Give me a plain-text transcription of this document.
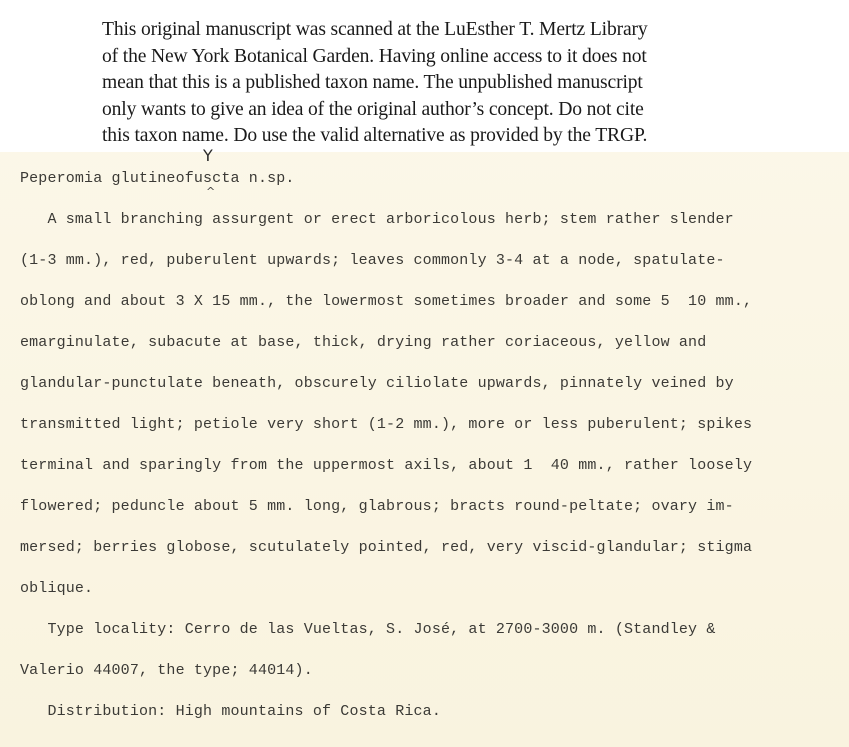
This original manuscript was scanned at the LuEsther T. Mertz Library
of the New York Botanical Garden. Having online access to it does not
mean that this is a published taxon name. The unpublished manuscript
only wants to give an idea of the original author’s concept. Do not cite
this taxon name. Do use the valid alternative as provided by the TRGP.

Y
Peperomia glutineofuscta n.sp.
^
A small branching assurgent or erect arboricolous herb; stem rather slender
(1-3 mm.), red, puberulent upwards; leaves commonly 3-4 at a node, spatulate-
oblong and about 3 X 15 mm., the lowermost sometimes broader and some 5  10 mm.,
emarginulate, subacute at base, thick, drying rather coriaceous, yellow and
glandular-punctulate beneath, obscurely ciliolate upwards, pinnately veined by
transmitted light; petiole very short (1-2 mm.), more or less puberulent; spikes
terminal and sparingly from the uppermost axils, about 1  40 mm., rather loosely
flowered; peduncle about 5 mm. long, glabrous; bracts round-peltate; ovary im-
mersed; berries globose, scutulately pointed, red, very viscid-glandular; stigma
oblique.
Type locality: Cerro de las Vueltas, S. José, at 2700-3000 m. (Standley &
Valerio 44007, the type; 44014).
Distribution: High mountains of Costa Rica.
